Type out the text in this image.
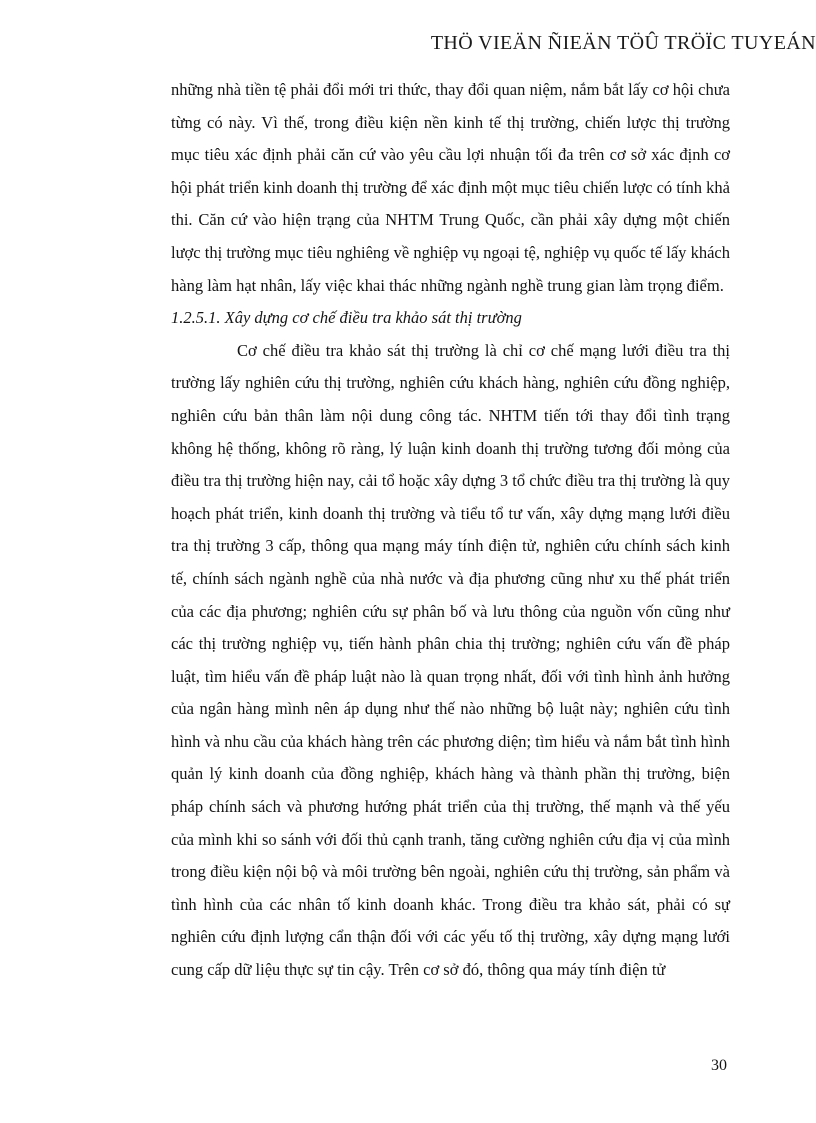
THÖ VIEÄN ÑIEÄN TÖÛ TRÖÏC TUYEÁN

những nhà tiền tệ phải đổi mới tri thức, thay đổi quan niệm, nắm bắt lấy cơ hội chưa từng có này. Vì thế, trong điều kiện nền kinh tế thị trường, chiến lược thị trường mục tiêu xác định phải căn cứ vào yêu cầu lợi nhuận tối đa trên cơ sở xác định cơ hội phát triển kinh doanh thị trường để xác định một mục tiêu chiến lược có tính khả thi. Căn cứ vào hiện trạng của NHTM Trung Quốc, cần phải xây dựng một chiến lược thị trường mục tiêu nghiêng về nghiệp vụ ngoại tệ, nghiệp vụ quốc tế lấy khách hàng làm hạt nhân, lấy việc khai thác những ngành nghề trung gian làm trọng điểm.

1.2.5.1. Xây dựng cơ chế điều tra khảo sát thị trường

Cơ chế điều tra khảo sát thị trường là chỉ cơ chế mạng lưới điều tra thị trường lấy nghiên cứu thị trường, nghiên cứu khách hàng, nghiên cứu đồng nghiệp, nghiên cứu bản thân làm nội dung công tác. NHTM tiến tới thay đổi tình trạng không hệ thống, không rõ ràng, lý luận kinh doanh thị trường tương đối mỏng của điều tra thị trường hiện nay, cải tổ hoặc xây dựng 3 tổ chức điều tra thị trường là quy hoạch phát triển, kinh doanh thị trường và tiểu tổ tư vấn, xây dựng mạng lưới điều tra thị trường 3 cấp, thông qua mạng máy tính điện tử, nghiên cứu chính sách kinh tế, chính sách ngành nghề của nhà nước và địa phương cũng như xu thế phát triển của các địa phương; nghiên cứu sự phân bố và lưu thông của nguồn vốn cũng như các thị trường nghiệp vụ, tiến hành phân chia thị trường; nghiên cứu vấn đề pháp luật, tìm hiểu vấn đề pháp luật nào là quan trọng nhất, đối với tình hình ảnh hưởng của ngân hàng mình nên áp dụng như thế nào những bộ luật này; nghiên cứu tình hình và nhu cầu của khách hàng trên các phương diện; tìm hiểu và nắm bắt tình hình quản lý kinh doanh của đồng nghiệp, khách hàng và thành phần thị trường, biện pháp chính sách và phương hướng phát triển của thị trường, thế mạnh và thế yếu của mình khi so sánh với đối thủ cạnh tranh, tăng cường nghiên cứu địa vị của mình trong điều kiện nội bộ và môi trường bên ngoài, nghiên cứu thị trường, sản phẩm và tình hình của các nhân tố kinh doanh khác. Trong điều tra khảo sát, phải có sự nghiên cứu định lượng cẩn thận đối với các yếu tố thị trường, xây dựng mạng lưới cung cấp dữ liệu thực sự tin cậy. Trên cơ sở đó, thông qua máy tính điện tử

30
